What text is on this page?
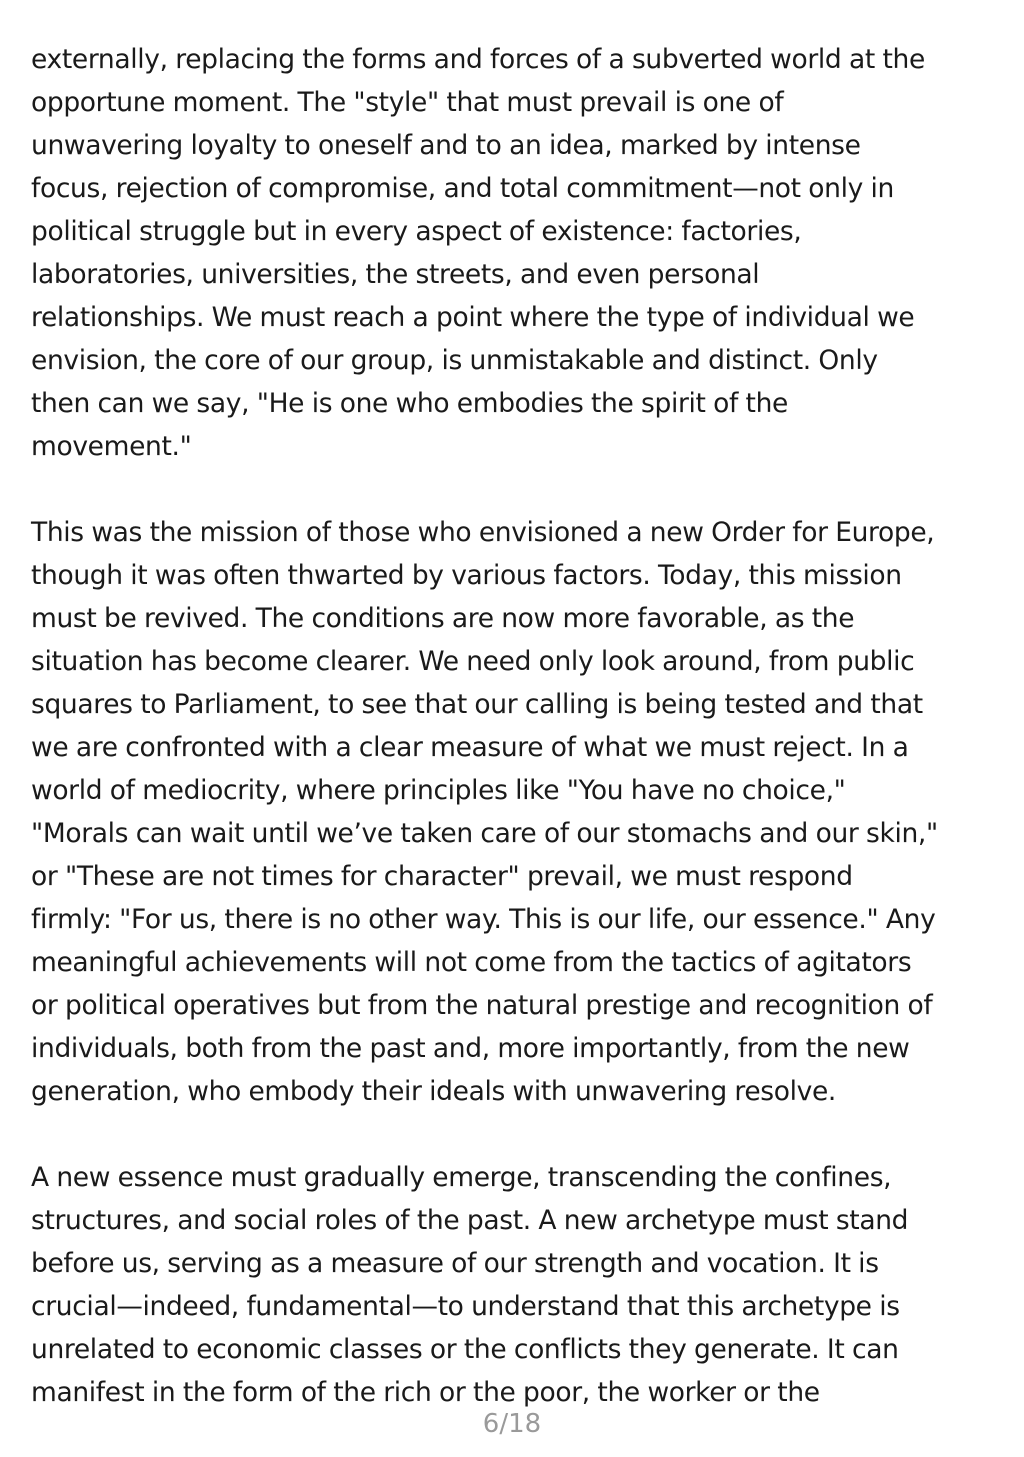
externally, replacing the forms and forces of a subverted world at the
opportune moment. The "style" that must prevail is one of
unwavering loyalty to oneself and to an idea, marked by intense
focus, rejection of compromise, and total commitment—not only in
political struggle but in every aspect of existence: factories,
laboratories, universities, the streets, and even personal
relationships. We must reach a point where the type of individual we
envision, the core of our group, is unmistakable and distinct. Only
then can we say, "He is one who embodies the spirit of the
movement."

This was the mission of those who envisioned a new Order for Europe,
though it was often thwarted by various factors. Today, this mission
must be revived. The conditions are now more favorable, as the
situation has become clearer. We need only look around, from public
squares to Parliament, to see that our calling is being tested and that
we are confronted with a clear measure of what we must reject. In a
world of mediocrity, where principles like "You have no choice,"
"Morals can wait until we’ve taken care of our stomachs and our skin,"
or "These are not times for character" prevail, we must respond
firmly: "For us, there is no other way. This is our life, our essence." Any
meaningful achievements will not come from the tactics of agitators
or political operatives but from the natural prestige and recognition of
individuals, both from the past and, more importantly, from the new
generation, who embody their ideals with unwavering resolve.

A new essence must gradually emerge, transcending the confines,
structures, and social roles of the past. A new archetype must stand
before us, serving as a measure of our strength and vocation. It is
crucial—indeed, fundamental—to understand that this archetype is
unrelated to economic classes or the conflicts they generate. It can
manifest in the form of the rich or the poor, the worker or the

6/18
